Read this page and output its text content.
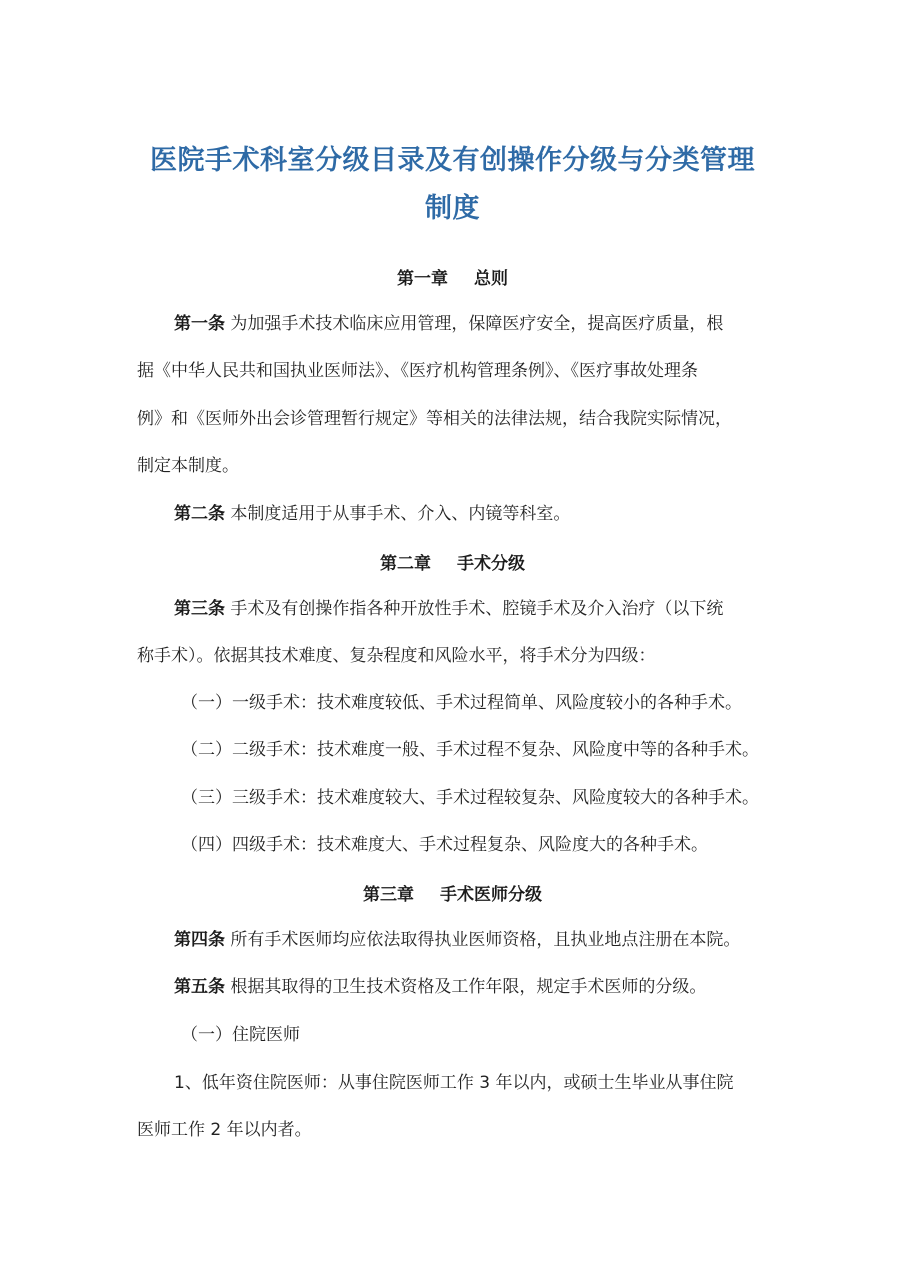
医院手术科室分级目录及有创操作分级与分类管理
制度
第一章 总则
第一条 为加强手术技术临床应用管理，保障医疗安全，提高医疗质量，根
据《中华人民共和国执业医师法》、《医疗机构管理条例》、《医疗事故处理条
例》和《医师外出会诊管理暂行规定》等相关的法律法规，结合我院实际情况，
制定本制度。
第二条 本制度适用于从事手术、介入、内镜等科室。
第二章 手术分级
第三条 手术及有创操作指各种开放性手术、腔镜手术及介入治疗（以下统
称手术）。依据其技术难度、复杂程度和风险水平，将手术分为四级：
（一）一级手术：技术难度较低、手术过程简单、风险度较小的各种手术。
（二）二级手术：技术难度一般、手术过程不复杂、风险度中等的各种手术。
（三）三级手术：技术难度较大、手术过程较复杂、风险度较大的各种手术。
（四）四级手术：技术难度大、手术过程复杂、风险度大的各种手术。
第三章 手术医师分级
第四条 所有手术医师均应依法取得执业医师资格，且执业地点注册在本院。
第五条 根据其取得的卫生技术资格及工作年限，规定手术医师的分级。
（一）住院医师
1、低年资住院医师：从事住院医师工作 3 年以内，或硕士生毕业从事住院
医师工作 2 年以内者。
